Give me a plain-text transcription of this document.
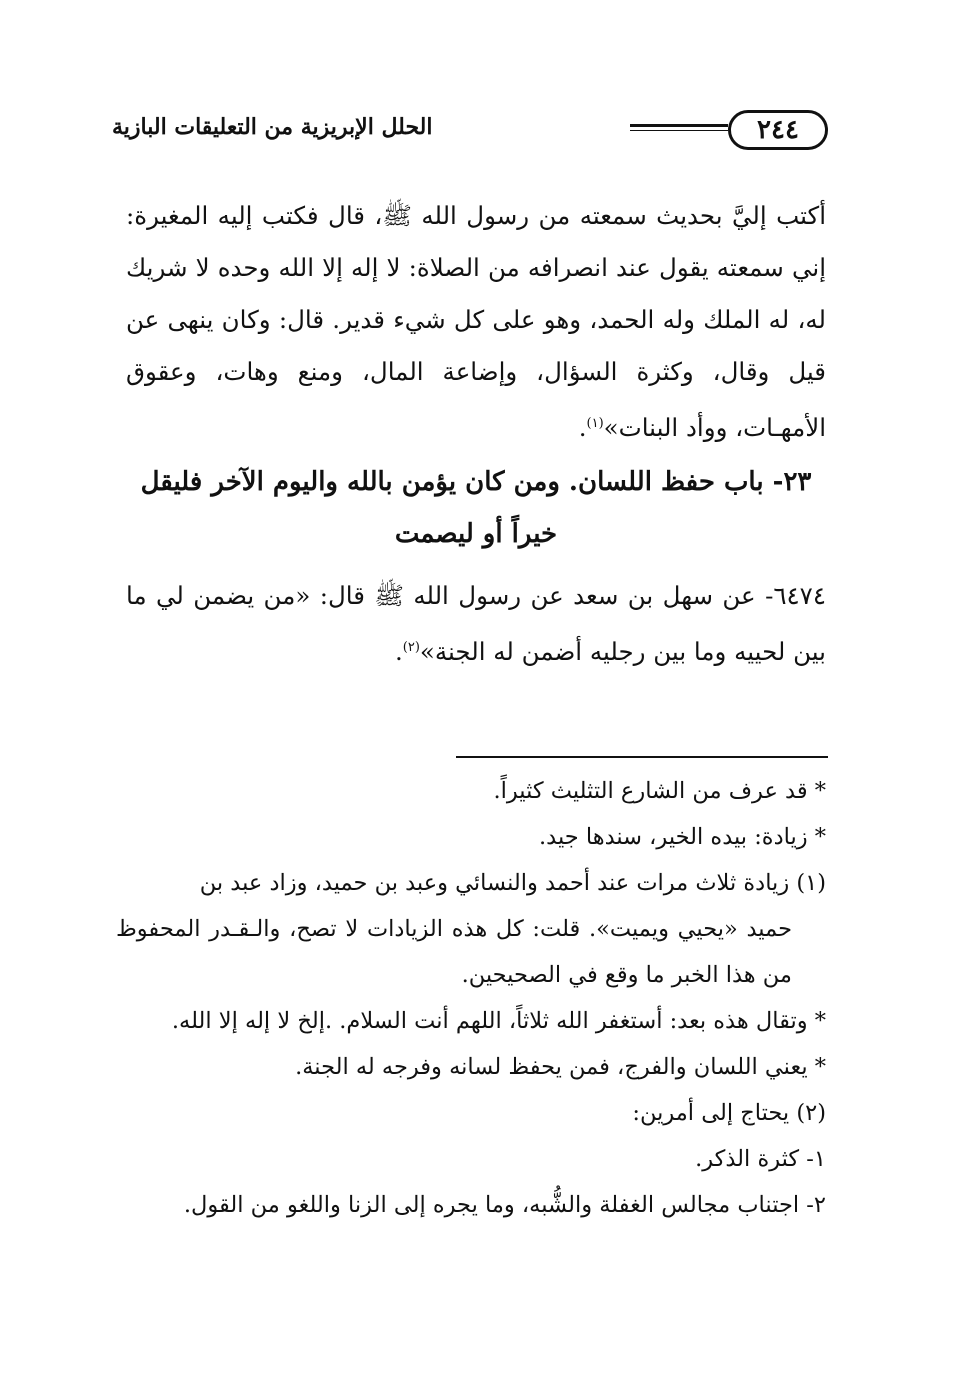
٢٤٤
الحلل الإبريزية من التعليقات البازية

أكتب إليَّ بحديث سمعته من رسول الله ﷺ، قال فكتب إليه المغيرة: إني سمعته يقول عند انصرافه من الصلاة: لا إله إلا الله وحده لا شريك له، له الملك وله الحمد، وهو على كل شيء قدير. قال: وكان ينهى عن قيل وقال، وكثرة السؤال، وإضاعة المال، ومنع وهات، وعقوق الأمهـات، ووأد البنات»$^{(١)}$.

٢٣- باب حفظ اللسان. ومن كان يؤمن بالله واليوم الآخر فليقل خيراً أو ليصمت

٦٤٧٤- عن سهل بن سعد عن رسول الله ﷺ قال: «من يضمن لي ما بين لحييه وما بين رجليه أضمن له الجنة»$^{(٢)}$.

* قد عرف من الشارع التثليث كثيراً.

* زيادة: بيده الخير، سندها جيد.

(١) زيادة ثلاث مرات عند أحمد والنسائي وعبد بن حميد، وزاد عبد بن

حميد «يحيي ويميت». قلت: كل هذه الزيادات لا تصح، والـقـدر المحفوظ من هذا الخبر ما وقع في الصحيحين.

* وتقال هذه بعد: أستغفر الله ثلاثاً، اللهم أنت السلام. .إلخ لا إله إلا الله.

* يعني اللسان والفرج، فمن يحفظ لسانه وفرجه له الجنة.

(٢) يحتاج إلى أمرين:

١- كثرة الذكر.

٢- اجتناب مجالس الغفلة والشُّبه، وما يجره إلى الزنا واللغو من القول.
